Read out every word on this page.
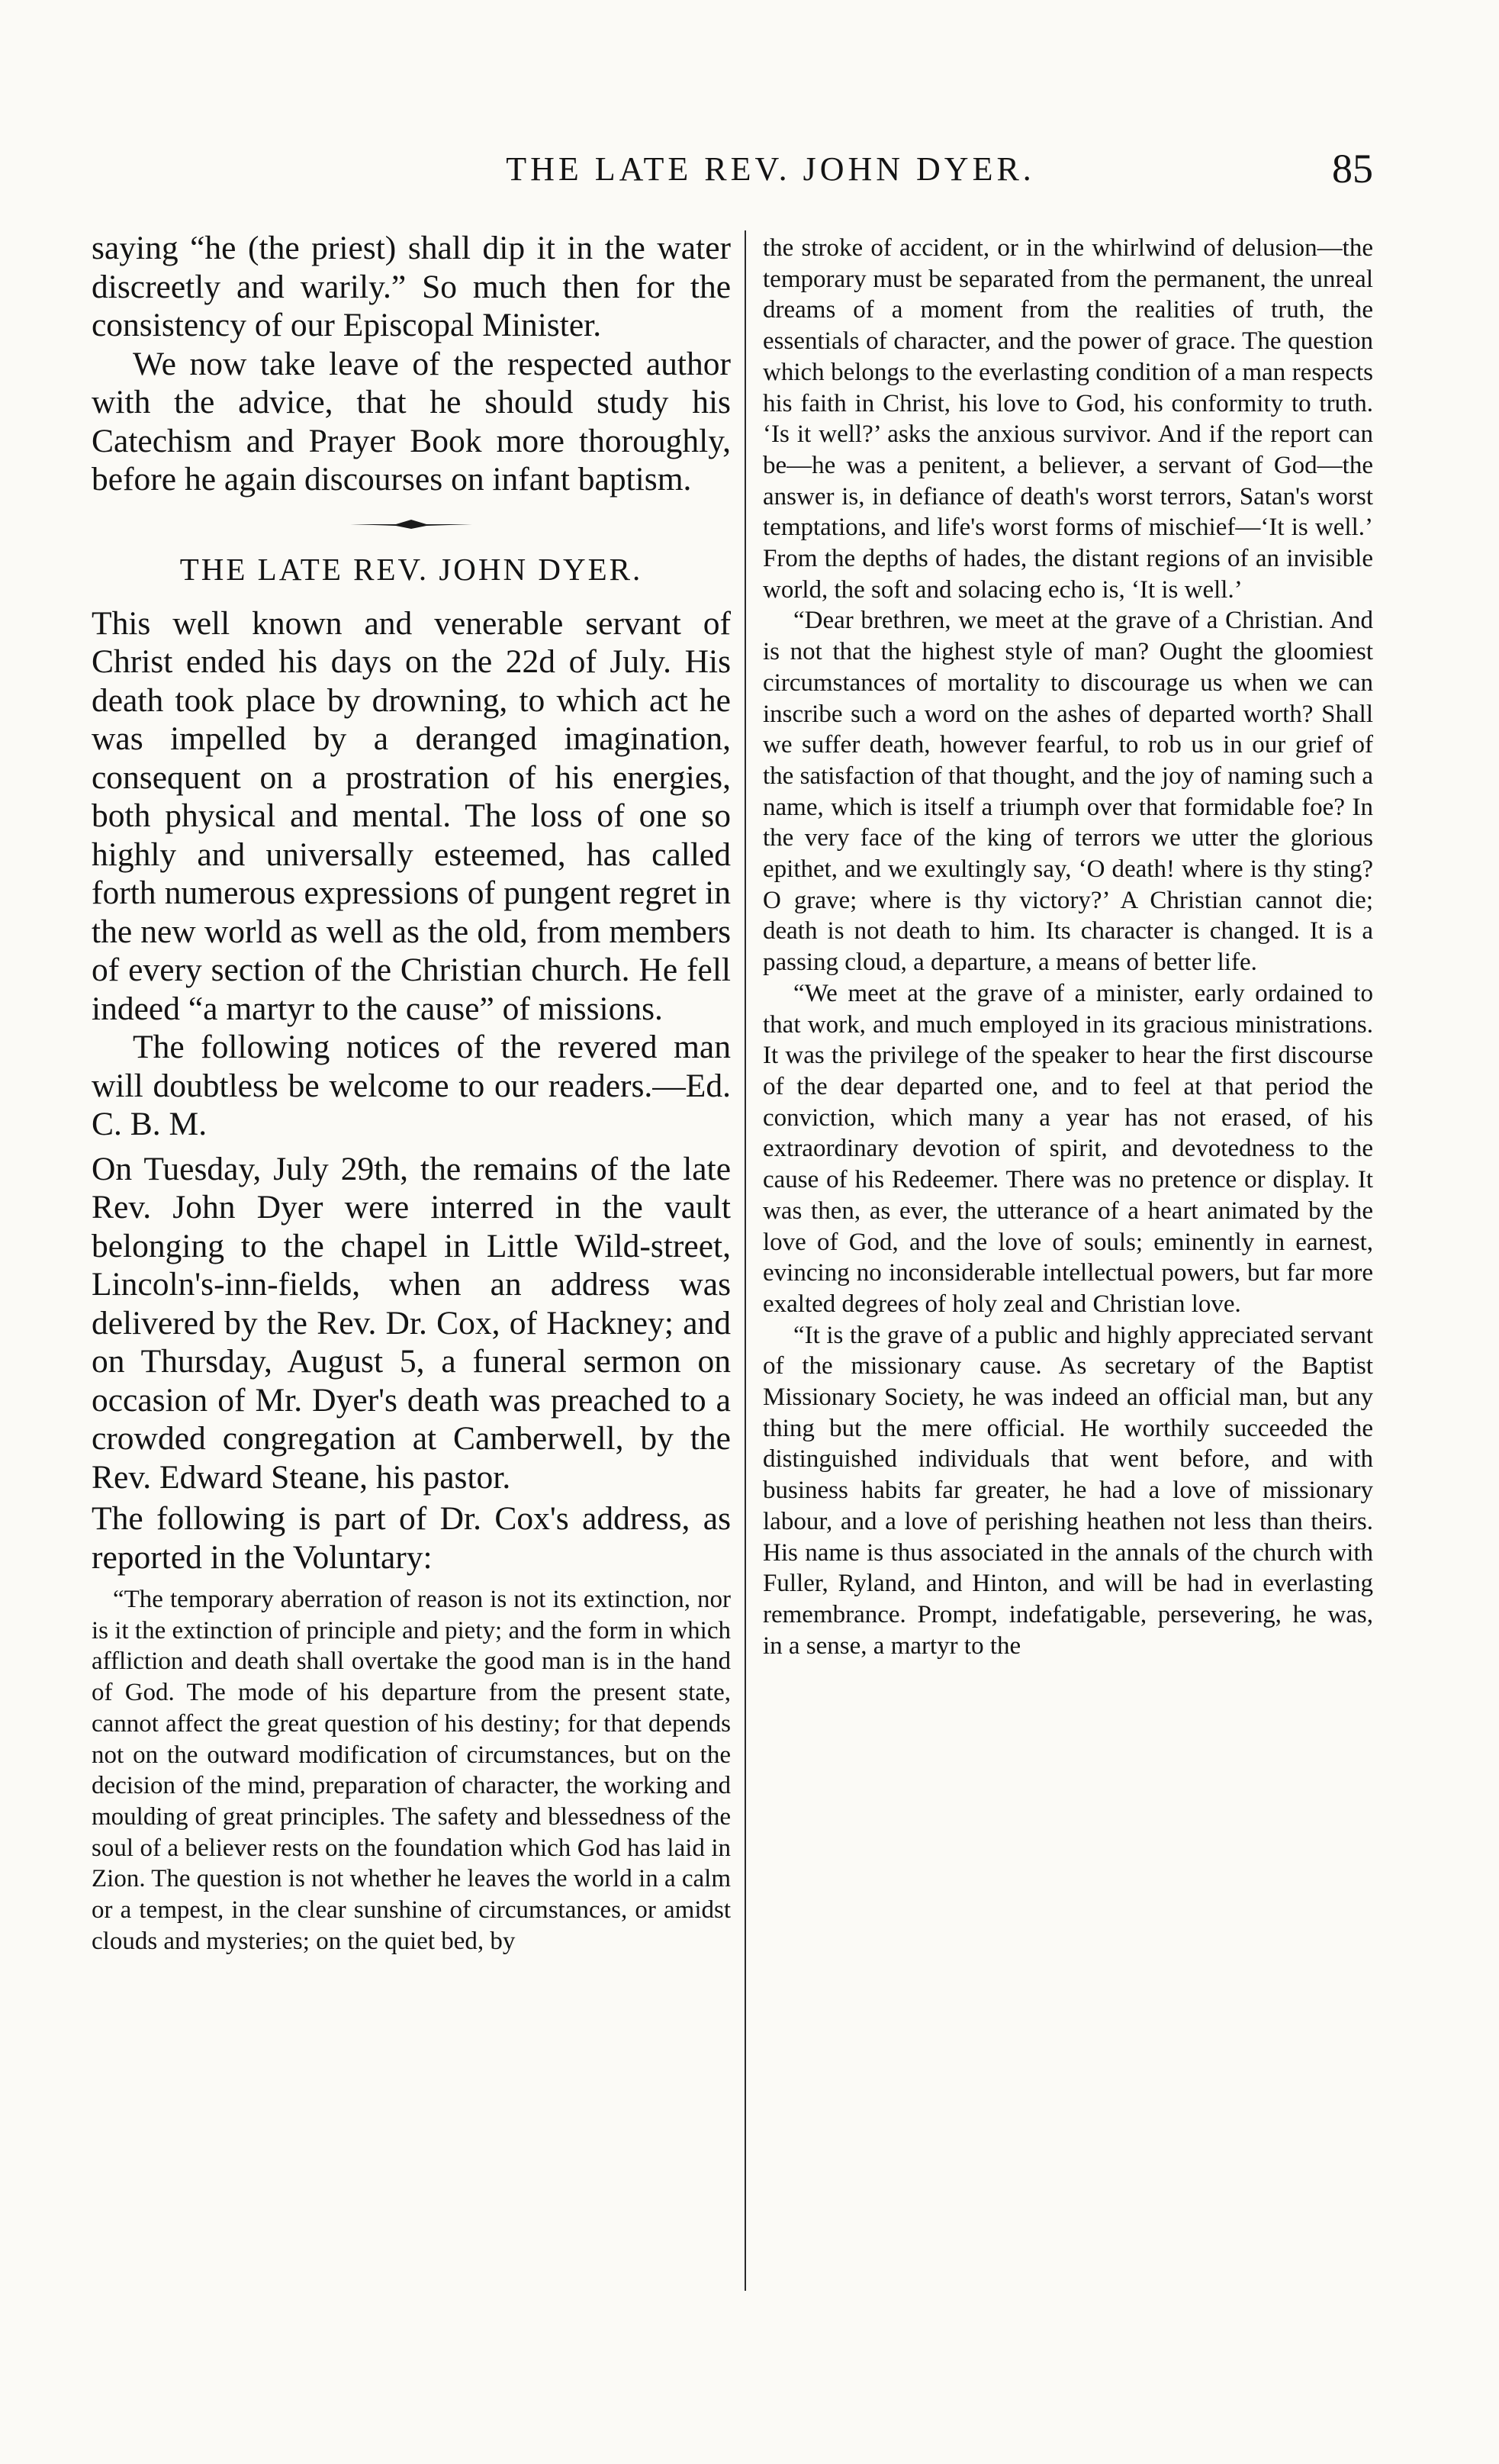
THE LATE REV. JOHN DYER.	85

saying “he (the priest) shall dip it in the water discreetly and warily.” So much then for the consistency of our Episcopal Minister.

We now take leave of the respected author with the advice, that he should study his Catechism and Prayer Book more thoroughly, before he again discourses on infant baptism.

THE LATE REV. JOHN DYER.

This well known and venerable servant of Christ ended his days on the 22d of July. His death took place by drowning, to which act he was impelled by a deranged imagination, consequent on a prostration of his energies, both physical and mental. The loss of one so highly and universally esteemed, has called forth numerous expressions of pungent regret in the new world as well as the old, from members of every section of the Christian church. He fell indeed “a martyr to the cause” of missions.

The following notices of the revered man will doubtless be welcome to our readers.—Ed. C. B. M.

On Tuesday, July 29th, the remains of the late Rev. John Dyer were interred in the vault belonging to the chapel in Little Wild-street, Lincoln's-inn-fields, when an address was delivered by the Rev. Dr. Cox, of Hackney; and on Thursday, August 5, a funeral sermon on occasion of Mr. Dyer's death was preached to a crowded congregation at Camberwell, by the Rev. Edward Steane, his pastor.

The following is part of Dr. Cox's address, as reported in the Voluntary:

“The temporary aberration of reason is not its extinction, nor is it the extinction of principle and piety; and the form in which affliction and death shall overtake the good man is in the hand of God. The mode of his departure from the present state, cannot affect the great question of his destiny; for that depends not on the outward modification of circumstances, but on the decision of the mind, preparation of character, the working and moulding of great principles. The safety and blessedness of the soul of a believer rests on the foundation which God has laid in Zion. The question is not whether he leaves the world in a calm or a tempest, in the clear sunshine of circumstances, or amidst clouds and mysteries; on the quiet bed, by

the stroke of accident, or in the whirlwind of delusion—the temporary must be separated from the permanent, the unreal dreams of a moment from the realities of truth, the essentials of character, and the power of grace. The question which belongs to the everlasting condition of a man respects his faith in Christ, his love to God, his conformity to truth. ‘Is it well?’ asks the anxious survivor. And if the report can be—he was a penitent, a believer, a servant of God—the answer is, in defiance of death's worst terrors, Satan's worst temptations, and life's worst forms of mischief—‘It is well.’ From the depths of hades, the distant regions of an invisible world, the soft and solacing echo is, ‘It is well.’

“Dear brethren, we meet at the grave of a Christian. And is not that the highest style of man? Ought the gloomiest circumstances of mortality to discourage us when we can inscribe such a word on the ashes of departed worth? Shall we suffer death, however fearful, to rob us in our grief of the satisfaction of that thought, and the joy of naming such a name, which is itself a triumph over that formidable foe? In the very face of the king of terrors we utter the glorious epithet, and we exultingly say, ‘O death! where is thy sting? O grave; where is thy victory?’ A Christian cannot die; death is not death to him. Its character is changed. It is a passing cloud, a departure, a means of better life.

“We meet at the grave of a minister, early ordained to that work, and much employed in its gracious ministrations. It was the privilege of the speaker to hear the first discourse of the dear departed one, and to feel at that period the conviction, which many a year has not erased, of his extraordinary devotion of spirit, and devotedness to the cause of his Redeemer. There was no pretence or display. It was then, as ever, the utterance of a heart animated by the love of God, and the love of souls; eminently in earnest, evincing no inconsiderable intellectual powers, but far more exalted degrees of holy zeal and Christian love.

“It is the grave of a public and highly appreciated servant of the missionary cause. As secretary of the Baptist Missionary Society, he was indeed an official man, but any thing but the mere official. He worthily succeeded the distinguished individuals that went before, and with business habits far greater, he had a love of missionary labour, and a love of perishing heathen not less than theirs. His name is thus associated in the annals of the church with Fuller, Ryland, and Hinton, and will be had in everlasting remembrance. Prompt, indefatigable, persevering, he was, in a sense, a martyr to the
